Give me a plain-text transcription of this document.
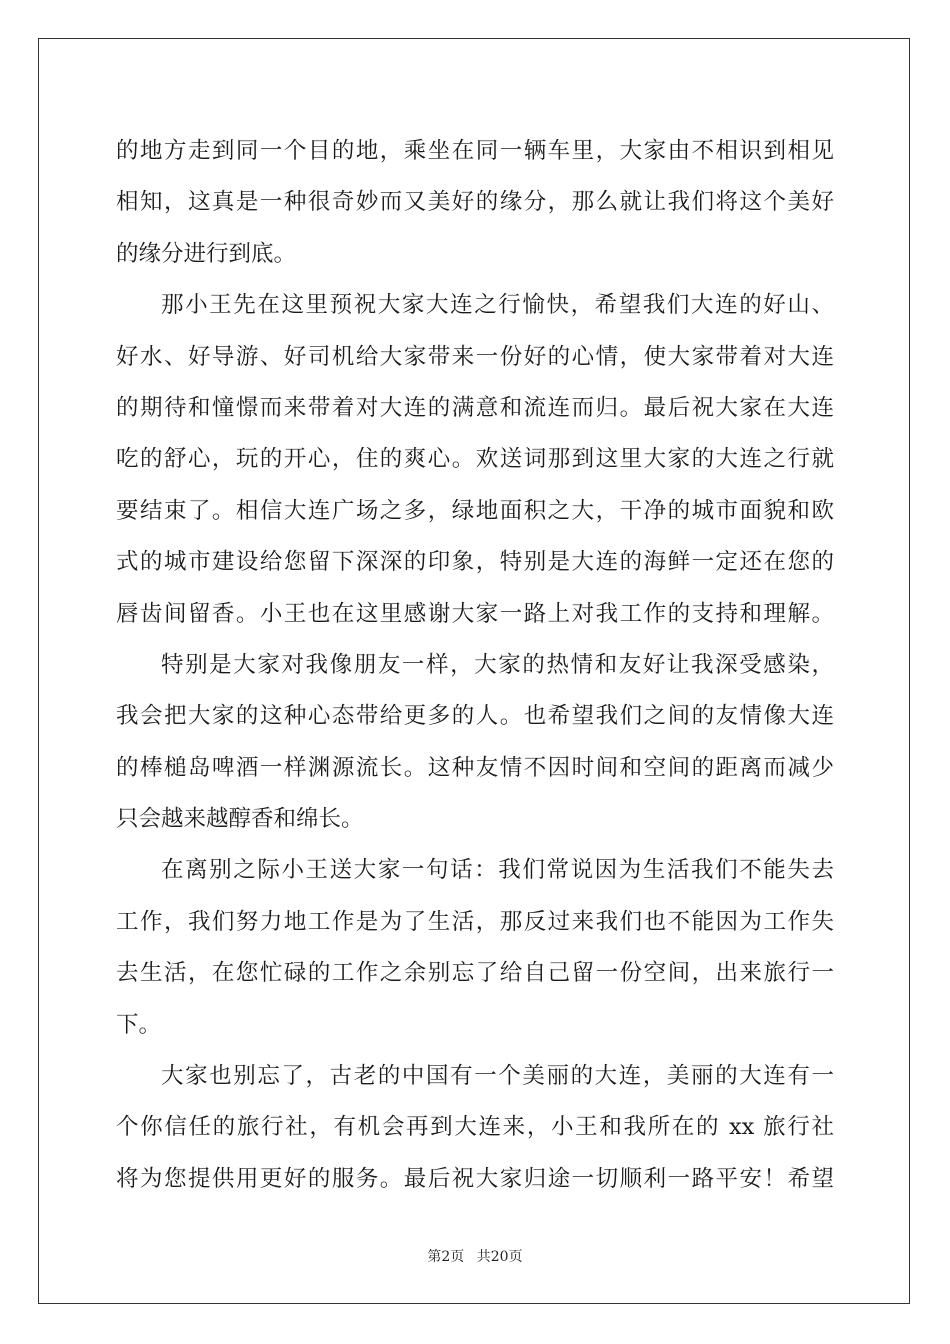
的地方走到同一个目的地，乘坐在同一辆车里，大家由不相识到相见
相知，这真是一种很奇妙而又美好的缘分，那么就让我们将这个美好
的缘分进行到底。
那小王先在这里预祝大家大连之行愉快，希望我们大连的好山、
好水、好导游、好司机给大家带来一份好的心情，使大家带着对大连
的期待和憧憬而来带着对大连的满意和流连而归。最后祝大家在大连
吃的舒心，玩的开心，住的爽心。欢送词那到这里大家的大连之行就
要结束了。相信大连广场之多，绿地面积之大，干净的城市面貌和欧
式的城市建设给您留下深深的印象，特别是大连的海鲜一定还在您的
唇齿间留香。小王也在这里感谢大家一路上对我工作的支持和理解。
特别是大家对我像朋友一样，大家的热情和友好让我深受感染，
我会把大家的这种心态带给更多的人。也希望我们之间的友情像大连
的棒槌岛啤酒一样渊源流长。这种友情不因时间和空间的距离而减少
只会越来越醇香和绵长。
在离别之际小王送大家一句话：我们常说因为生活我们不能失去
工作，我们努力地工作是为了生活，那反过来我们也不能因为工作失
去生活，在您忙碌的工作之余别忘了给自己留一份空间，出来旅行一
下。
大家也别忘了，古老的中国有一个美丽的大连，美丽的大连有一
个你信任的旅行社，有机会再到大连来，小王和我所在的 xx 旅行社
将为您提供用更好的服务。最后祝大家归途一切顺利一路平安！希望
第2页 共20页
